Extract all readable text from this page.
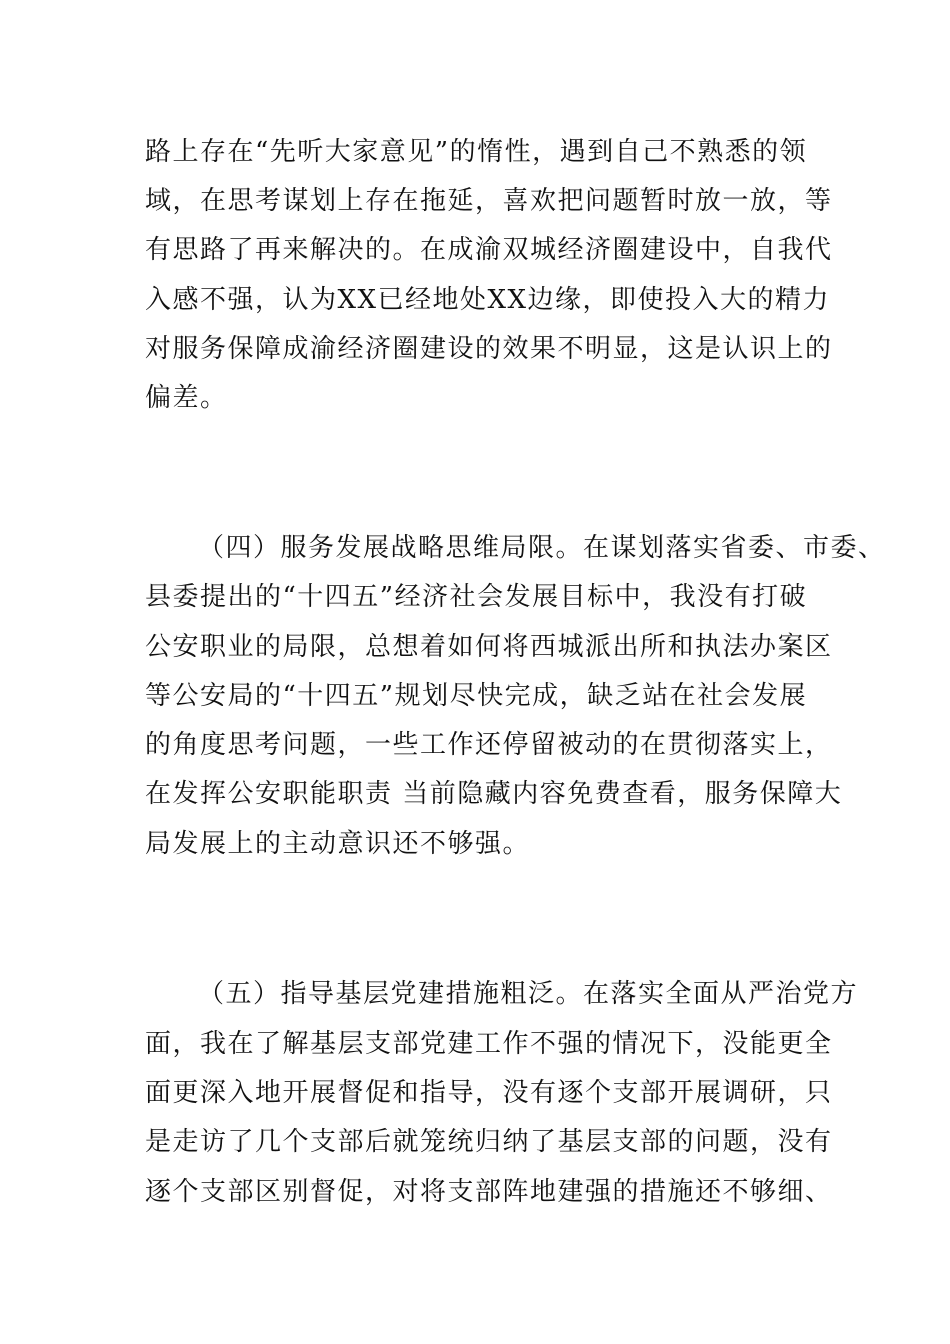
路上存在“先听大家意见”的惰性，遇到自己不熟悉的领
域，在思考谋划上存在拖延，喜欢把问题暂时放一放，等
有思路了再来解决的。在成渝双城经济圈建设中，自我代
入感不强，认为XX已经地处XX边缘，即使投入大的精力
对服务保障成渝经济圈建设的效果不明显，这是认识上的
偏差。
（四）服务发展战略思维局限。在谋划落实省委、市委、
县委提出的“十四五”经济社会发展目标中，我没有打破
公安职业的局限，总想着如何将西城派出所和执法办案区
等公安局的“十四五”规划尽快完成，缺乏站在社会发展
的角度思考问题，一些工作还停留被动的在贯彻落实上，
在发挥公安职能职责 当前隐藏内容免费查看，服务保障大
局发展上的主动意识还不够强。
（五）指导基层党建措施粗泛。在落实全面从严治党方
面，我在了解基层支部党建工作不强的情况下，没能更全
面更深入地开展督促和指导，没有逐个支部开展调研，只
是走访了几个支部后就笼统归纳了基层支部的问题，没有
逐个支部区别督促，对将支部阵地建强的措施还不够细、
